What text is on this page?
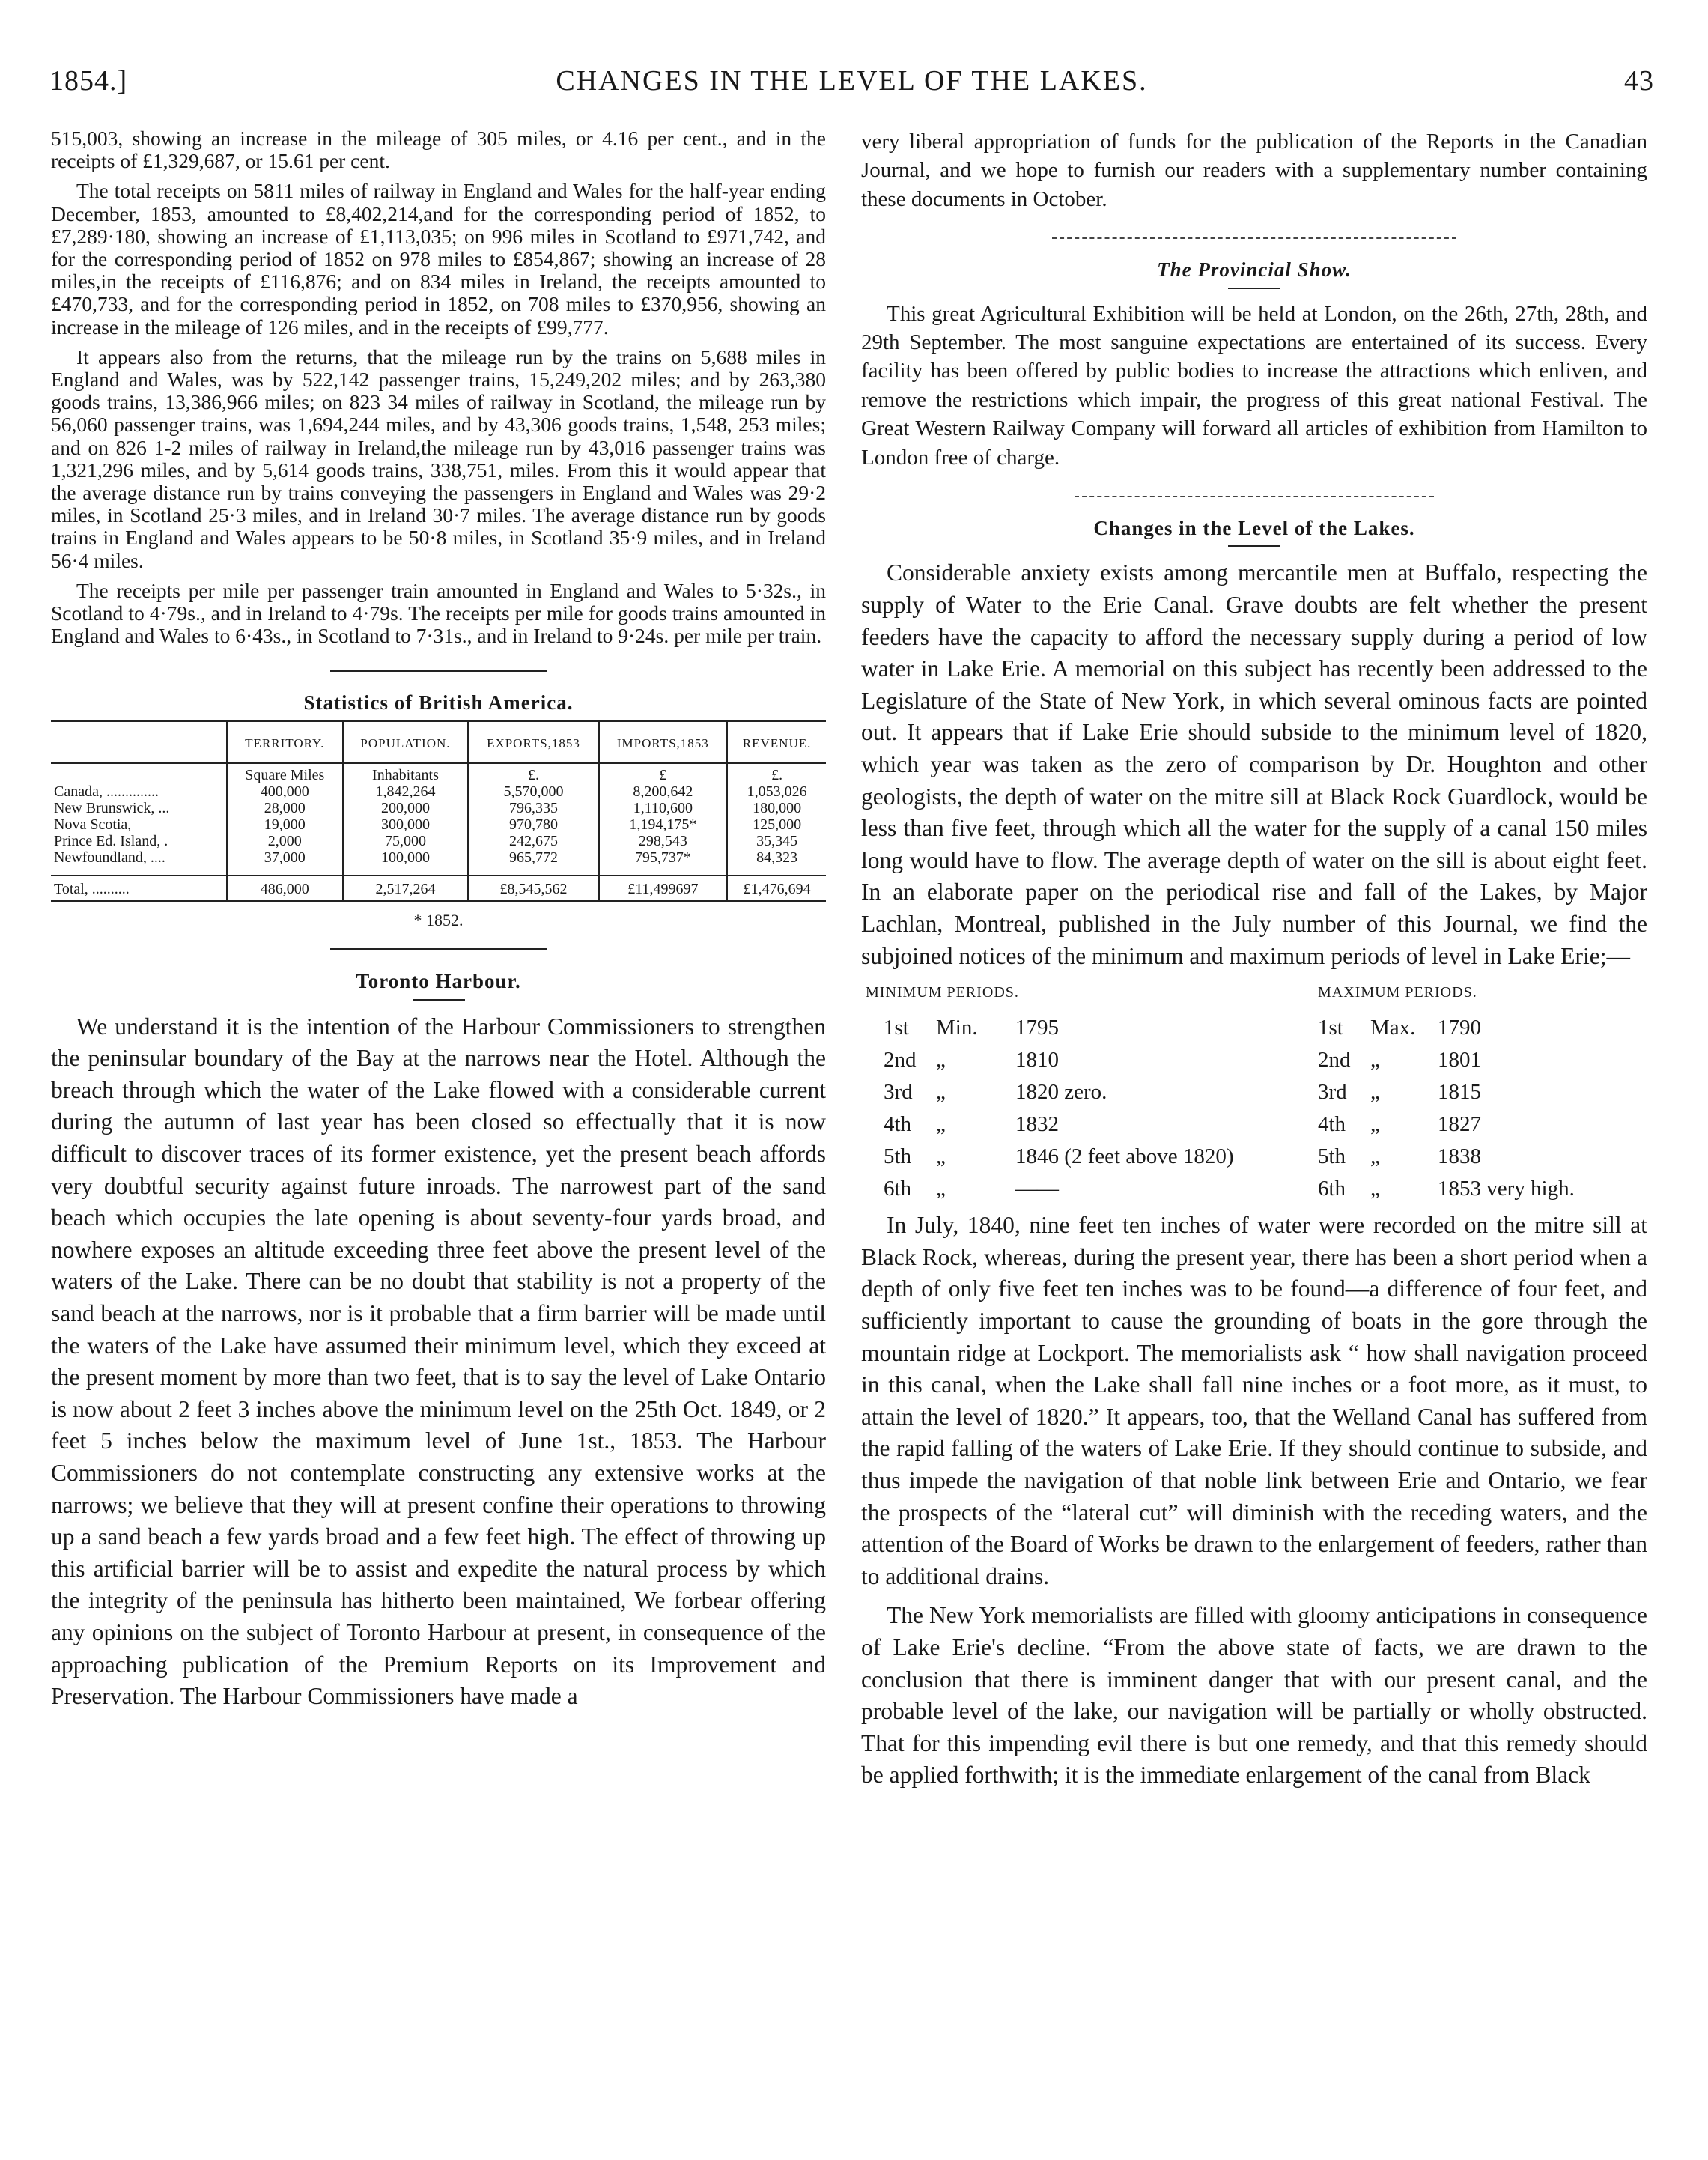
1854.]	CHANGES IN THE LEVEL OF THE LAKES.	43

515,003, showing an increase in the mileage of 305 miles, or 4.16 per cent., and in the receipts of £1,329,687, or 15.61 per cent.

The total receipts on 5811 miles of railway in England and Wales for the half-year ending December, 1853, amounted to £8,402,214,and for the corresponding period of 1852, to £7,289·180, showing an increase of £1,113,035; on 996 miles in Scotland to £971,742, and for the corresponding period of 1852 on 978 miles to £854,867; showing an increase of 28 miles,in the receipts of £116,876; and on 834 miles in Ireland, the receipts amounted to £470,733, and for the corresponding period in 1852, on 708 miles to £370,956, showing an increase in the mileage of 126 miles, and in the receipts of £99,777.

It appears also from the returns, that the mileage run by the trains on 5,688 miles in England and Wales, was by 522,142 passenger trains, 15,249,202 miles; and by 263,380 goods trains, 13,386,966 miles; on 823 34 miles of railway in Scotland, the mileage run by 56,060 passenger trains, was 1,694,244 miles, and by 43,306 goods trains, 1,548, 253 miles; and on 826 1-2 miles of railway in Ireland,the mileage run by 43,016 passenger trains was 1,321,296 miles, and by 5,614 goods trains, 338,751, miles. From this it would appear that the average distance run by trains conveying the passengers in England and Wales was 29·2 miles, in Scotland 25·3 miles, and in Ireland 30·7 miles. The average distance run by goods trains in England and Wales appears to be 50·8 miles, in Scotland 35·9 miles, and in Ireland 56·4 miles.

The receipts per mile per passenger train amounted in England and Wales to 5·32s., in Scotland to 4·79s., and in Ireland to 4·79s. The receipts per mile for goods trains amounted in England and Wales to 6·43s., in Scotland to 7·31s., and in Ireland to 9·24s. per mile per train.

Statistics of British America.
	TERRITORY.	POPULATION.	EXPORTS,1853	IMPORTS,1853	REVENUE.
	Square Miles	Inhabitants	£.	£	£.
Canada, ..............	400,000	1,842,264	5,570,000	8,200,642	1,053,026
New Brunswick, ...	28,000	200,000	796,335	1,110,600	180,000
Nova Scotia,	19,000	300,000	970,780	1,194,175*	125,000
Prince Ed. Island, .	2,000	75,000	242,675	298,543	35,345
Newfoundland, ....	37,000	100,000	965,772	795,737*	84,323
Total, ..........	486,000	2,517,264	£8,545,562	£11,499697	£1,476,694
* 1852.
Toronto Harbour.

We understand it is the intention of the Harbour Commissioners to strengthen the peninsular boundary of the Bay at the narrows near the Hotel. Although the breach through which the water of the Lake flowed with a considerable current during the autumn of last year has been closed so effectually that it is now difficult to discover traces of its former existence, yet the present beach affords very doubtful security against future inroads. The narrowest part of the sand beach which occupies the late opening is about seventy-four yards broad, and nowhere exposes an altitude exceeding three feet above the present level of the waters of the Lake. There can be no doubt that stability is not a property of the sand beach at the narrows, nor is it probable that a firm barrier will be made until the waters of the Lake have assumed their minimum level, which they exceed at the present moment by more than two feet, that is to say the level of Lake Ontario is now about 2 feet 3 inches above the minimum level on the 25th Oct. 1849, or 2 feet 5 inches below the maximum level of June 1st., 1853. The Harbour Commissioners do not contemplate constructing any extensive works at the narrows; we believe that they will at present confine their operations to throwing up a sand beach a few yards broad and a few feet high. The effect of throwing up this artificial barrier will be to assist and expedite the natural process by which the integrity of the peninsula has hitherto been maintained, We forbear offering any opinions on the subject of Toronto Harbour at present, in consequence of the approaching publication of the Premium Reports on its Improvement and Preservation. The Harbour Commissioners have made a

very liberal appropriation of funds for the publication of the Reports in the Canadian Journal, and we hope to furnish our readers with a supplementary number containing these documents in October.

The Provincial Show.

This great Agricultural Exhibition will be held at London, on the 26th, 27th, 28th, and 29th September. The most sanguine expectations are entertained of its success. Every facility has been offered by public bodies to increase the attractions which enliven, and remove the restrictions which impair, the progress of this great national Festival. The Great Western Railway Company will forward all articles of exhibition from Hamilton to London free of charge.

Changes in the Level of the Lakes.

Considerable anxiety exists among mercantile men at Buffalo, respecting the supply of Water to the Erie Canal. Grave doubts are felt whether the present feeders have the capacity to afford the necessary supply during a period of low water in Lake Erie. A memorial on this subject has recently been addressed to the Legislature of the State of New York, in which several ominous facts are pointed out. It appears that if Lake Erie should subside to the minimum level of 1820, which year was taken as the zero of comparison by Dr. Houghton and other geologists, the depth of water on the mitre sill at Black Rock Guardlock, would be less than five feet, through which all the water for the supply of a canal 150 miles long would have to flow. The average depth of water on the sill is about eight feet. In an elaborate paper on the periodical rise and fall of the Lakes, by Major Lachlan, Montreal, published in the July number of this Journal, we find the subjoined notices of the minimum and maximum periods of level in Lake Erie;—

MINIMUM PERIODS.	MAXIMUM PERIODS.
1st Min. 1795	1st Max. 1790
2nd „	1810	2nd „	1801
3rd „	1820 zero.	3rd „	1815
4th „	1832	4th „	1827
5th „	1846 (2 feet above 1820)	5th „	1838
6th „	——	6th „	1853 very high.

In July, 1840, nine feet ten inches of water were recorded on the mitre sill at Black Rock, whereas, during the present year, there has been a short period when a depth of only five feet ten inches was to be found—a difference of four feet, and sufficiently important to cause the grounding of boats in the gore through the mountain ridge at Lockport. The memorialists ask “ how shall navigation proceed in this canal, when the Lake shall fall nine inches or a foot more, as it must, to attain the level of 1820.” It appears, too, that the Welland Canal has suffered from the rapid falling of the waters of Lake Erie. If they should continue to subside, and thus impede the navigation of that noble link between Erie and Ontario, we fear the prospects of the “lateral cut” will diminish with the receding waters, and the attention of the Board of Works be drawn to the enlargement of feeders, rather than to additional drains.

The New York memorialists are filled with gloomy anticipations in consequence of Lake Erie's decline. “From the above state of facts, we are drawn to the conclusion that there is imminent danger that with our present canal, and the probable level of the lake, our navigation will be partially or wholly obstructed. That for this impending evil there is but one remedy, and that this remedy should be applied forthwith; it is the immediate enlargement of the canal from Black
